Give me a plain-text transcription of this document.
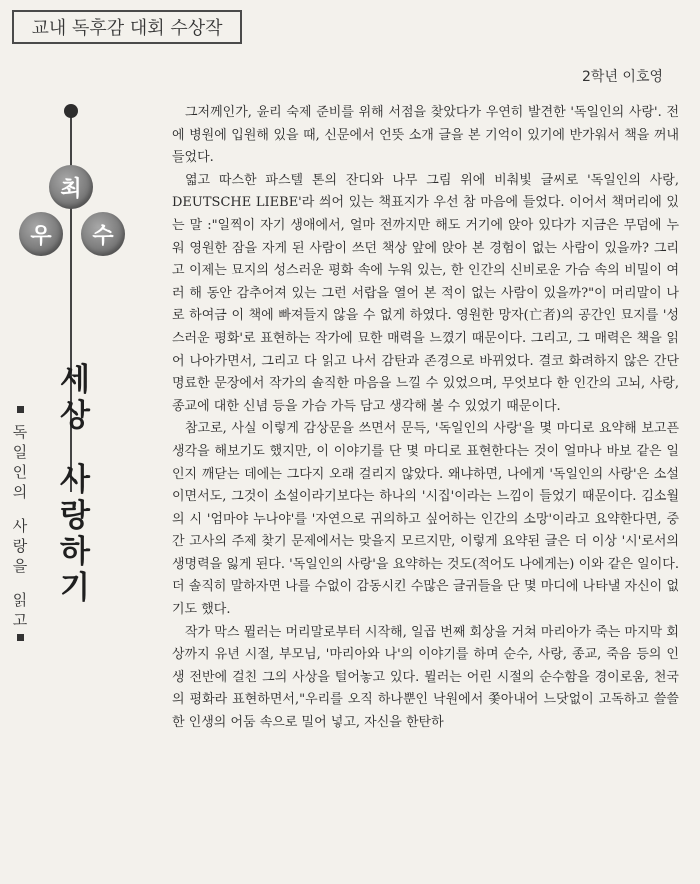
교내 독후감 대회 수상작
2학년 이호영
최
우	수
세상
사랑하기
독일인의
사랑을
읽고

그저께인가, 윤리 숙제 준비를 위해 서점을 찾았다가 우연히 발견한 '독일인의 사랑'. 전에 병원에 입원해 있을 때, 신문에서 언뜻 소개 글을 본 기억이 있기에 반가워서 책을 꺼내 들었다.

엷고 따스한 파스텔 톤의 잔디와 나무 그림 위에 비춰빛 글씨로 '독일인의 사랑, DEUTSCHE LIEBE'라 씌어 있는 책표지가 우선 참 마음에 들었다. 이어서 책머리에 있는 말 :"일찍이 자기 생애에서, 얼마 전까지만 해도 거기에 앉아 있다가 지금은 무덤에 누워 영원한 잠을 자게 된 사람이 쓰던 책상 앞에 앉아 본 경험이 없는 사람이 있을까? 그리고 이제는 묘지의 성스러운 평화 속에 누워 있는, 한 인간의 신비로운 가슴 속의 비밀이 여러 해 동안 감추어져 있는 그런 서랍을 열어 본 적이 없는 사람이 있을까?"이 머리말이 나로 하여금 이 책에 빠져들지 않을 수 없게 하였다. 영원한 망자(亡者)의 공간인 묘지를 '성스러운 평화'로 표현하는 작가에 묘한 매력을 느꼈기 때문이다. 그리고, 그 매력은 책을 읽어 나아가면서, 그리고 다 읽고 나서 감탄과 존경으로 바뀌었다. 결코 화려하지 않은 간단 명료한 문장에서 작가의 솔직한 마음을 느낄 수 있었으며, 무엇보다 한 인간의 고뇌, 사랑, 종교에 대한 신념 등을 가슴 가득 담고 생각해 볼 수 있었기 때문이다.

참고로, 사실 이렇게 감상문을 쓰면서 문득, '독일인의 사랑'을 몇 마디로 요약해 보고픈 생각을 해보기도 했지만, 이 이야기를 단 몇 마디로 표현한다는 것이 얼마나 바보 같은 일인지 깨닫는 데에는 그다지 오래 걸리지 않았다. 왜냐하면, 나에게 '독일인의 사랑'은 소설이면서도, 그것이 소설이라기보다는 하나의 '시집'이라는 느낌이 들었기 때문이다. 김소월의 시 '엄마야 누나야'를 '자연으로 귀의하고 싶어하는 인간의 소망'이라고 요약한다면, 중간 고사의 주제 찾기 문제에서는 맞을지 모르지만, 이렇게 요약된 글은 더 이상 '시'로서의 생명력을 잃게 된다. '독일인의 사랑'을 요약하는 것도(적어도 나에게는) 이와 같은 일이다. 더 솔직히 말하자면 나를 수없이 감동시킨 수많은 글귀들을 단 몇 마디에 나타낼 자신이 없기도 했다.

작가 막스 뮐러는 머리말로부터 시작해, 일곱 번째 회상을 거쳐 마리아가 죽는 마지막 회상까지 유년 시절, 부모님, '마리아와 나'의 이야기를 하며 순수, 사랑, 종교, 죽음 등의 인생 전반에 걸친 그의 사상을 털어놓고 있다. 뮐러는 어린 시절의 순수함을 경이로움, 천국의 평화라 표현하면서,"우리를 오직 하나뿐인 낙원에서 쫓아내어 느닷없이 고독하고 쓸쓸한 인생의 어둠 속으로 밀어 넣고, 자신을 한탄하
